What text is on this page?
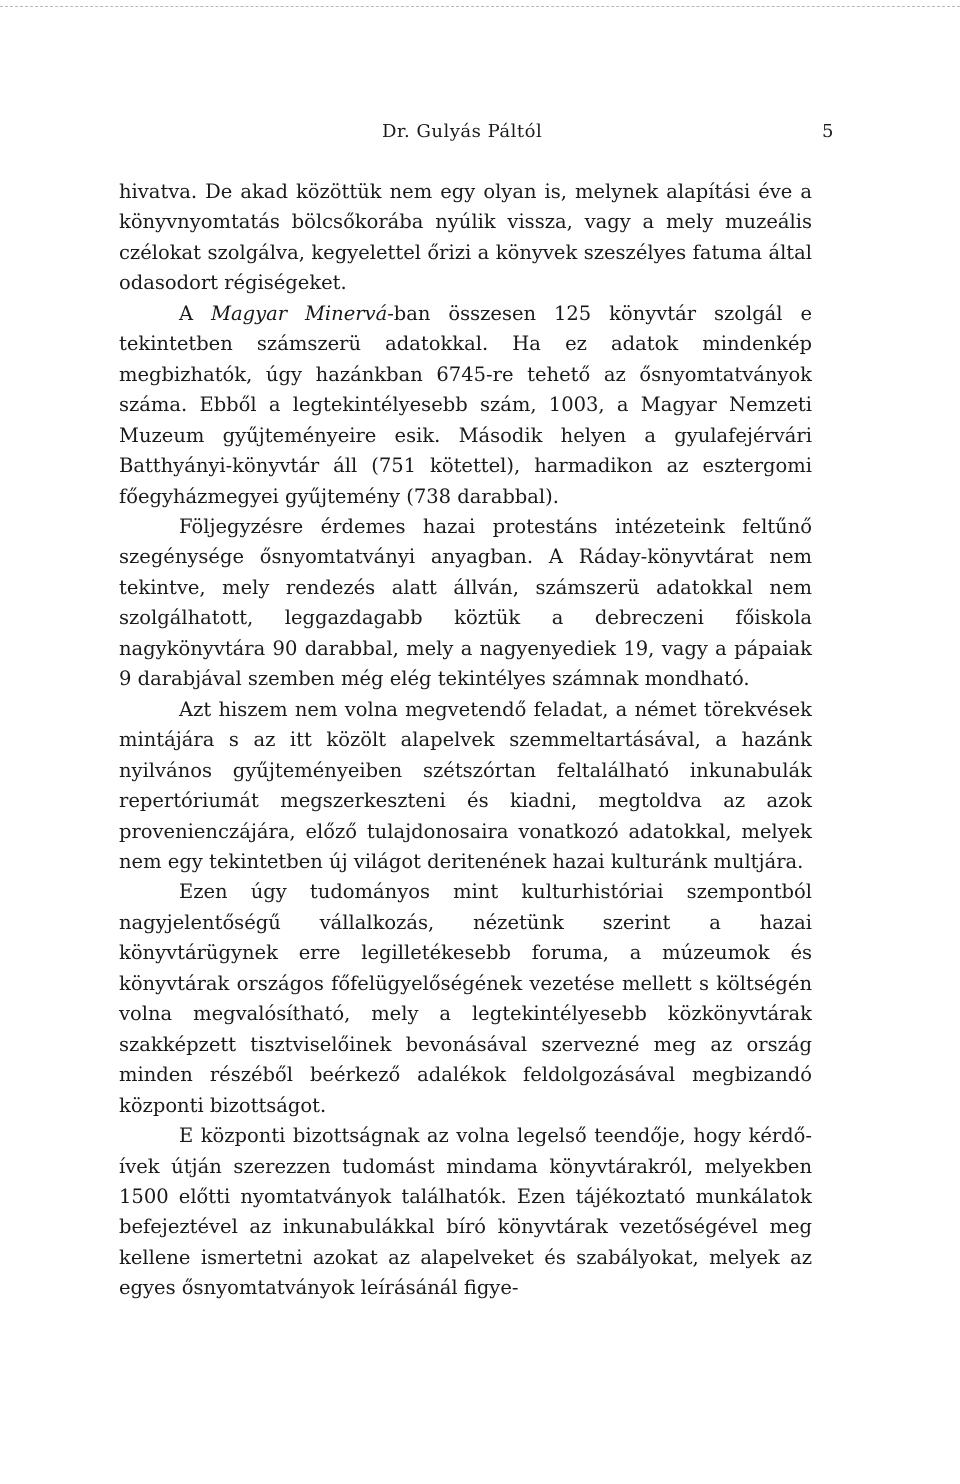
Dr. Gulyás Páltól	5

hivatva. De akad közöttük nem egy olyan is, melynek alapítási éve a könyvnyomtatás bölcsőkorába nyúlik vissza, vagy a mely muzeális czélokat szolgálva, kegyelettel őrizi a könyvek szeszélyes fatuma által odasodort régiségeket.

A Magyar Minervá-ban összesen 125 könyvtár szolgál e tekintetben számszerü adatokkal. Ha ez adatok mindenkép megbizhatók, úgy hazánkban 6745-re tehető az ősnyomtatványok száma. Ebből a legtekintélyesebb szám, 1003, a Magyar Nemzeti Muzeum gyűjteményeire esik. Második helyen a gyulafejérvári Batthyányi-könyvtár áll (751 kötettel), harmadikon az esztergomi főegyházmegyei gyűjtemény (738 darabbal).

Följegyzésre érdemes hazai protestáns intézeteink feltűnő szegénysége ősnyomtatványi anyagban. A Ráday-könyvtárat nem tekintve, mely rendezés alatt állván, számszerü adatokkal nem szolgálhatott, leggazdagabb köztük a debreczeni főiskola nagykönyvtára 90 darabbal, mely a nagyenyediek 19, vagy a pápaiak 9 darabjával szemben még elég tekintélyes számnak mondható.

Azt hiszem nem volna megvetendő feladat, a német törekvések mintájára s az itt közölt alapelvek szemmeltartásával, a hazánk nyilvános gyűjteményeiben szétszórtan feltalálható inkunabulák repertóriumát megszerkeszteni és kiadni, megtoldva az azok provenienczájára, előző tulajdonosaira vonatkozó adatokkal, melyek nem egy tekintetben új világot deritenének hazai kulturánk multjára.

Ezen úgy tudományos mint kulturhistóriai szempontból nagyjelentőségű vállalkozás, nézetünk szerint a hazai könyvtárügynek erre legilletékesebb foruma, a múzeumok és könyvtárak országos főfelügyelőségének vezetése mellett s költségén volna megvalósítható, mely a legtekintélyesebb közkönyvtárak szakképzett tisztviselőinek bevonásával szervezné meg az ország minden részéből beérkező adalékok feldolgozásával megbizandó központi bizottságot.

E központi bizottságnak az volna legelső teendője, hogy kérdő-ívek útján szerezzen tudomást mindama könyvtárakról, melyekben 1500 előtti nyomtatványok találhatók. Ezen tájékoztató munkálatok befejeztével az inkunabulákkal bíró könyvtárak vezetőségével meg kellene ismertetni azokat az alapelveket és szabályokat, melyek az egyes ősnyomtatványok leírásánál figye-
